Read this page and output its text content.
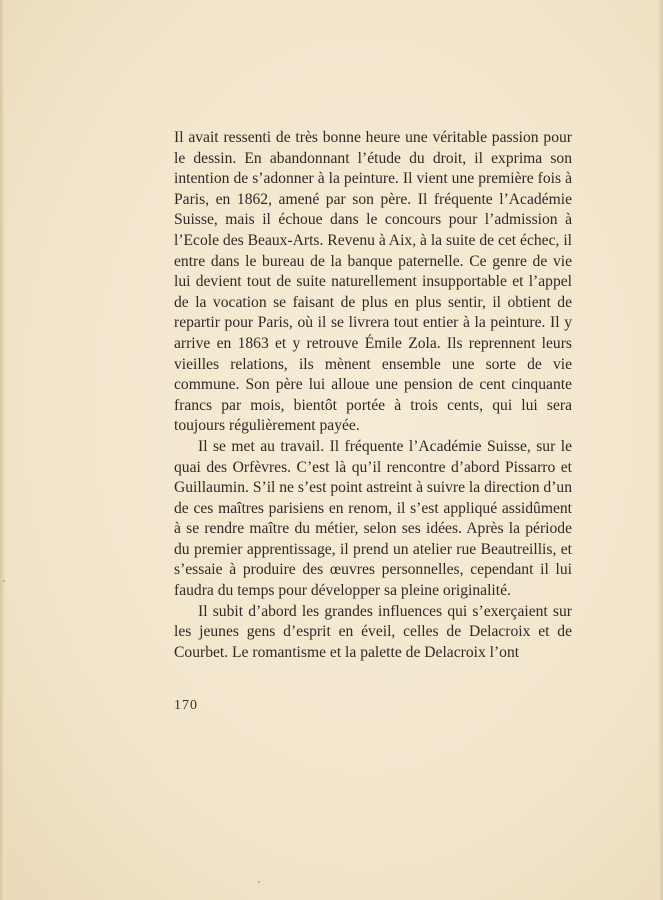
Il avait ressenti de très bonne heure une véritable passion pour le dessin. En abandonnant l’étude du droit, il exprima son intention de s’adonner à la peinture. Il vient une première fois à Paris, en 1862, amené par son père. Il fréquente l’Académie Suisse, mais il échoue dans le concours pour l’admission à l’Ecole des Beaux-Arts. Revenu à Aix, à la suite de cet échec, il entre dans le bureau de la banque paternelle. Ce genre de vie lui devient tout de suite naturellement insupportable et l’appel de la vocation se faisant de plus en plus sentir, il obtient de repartir pour Paris, où il se livrera tout entier à la peinture. Il y arrive en 1863 et y retrouve Émile Zola. Ils reprennent leurs vieilles relations, ils mènent ensemble une sorte de vie commune. Son père lui alloue une pension de cent cinquante francs par mois, bientôt portée à trois cents, qui lui sera toujours régulièrement payée.

Il se met au travail. Il fréquente l’Académie Suisse, sur le quai des Orfèvres. C’est là qu’il rencontre d’abord Pissarro et Guillaumin. S’il ne s’est point astreint à suivre la direction d’un de ces maîtres parisiens en renom, il s’est appliqué assidûment à se rendre maître du métier, selon ses idées. Après la période du premier apprentissage, il prend un atelier rue Beautreillis, et s’essaie à produire des œuvres personnelles, cependant il lui faudra du temps pour développer sa pleine originalité.

Il subit d’abord les grandes influences qui s’exerçaient sur les jeunes gens d’esprit en éveil, celles de Delacroix et de Courbet. Le romantisme et la palette de Delacroix l’ont

170
